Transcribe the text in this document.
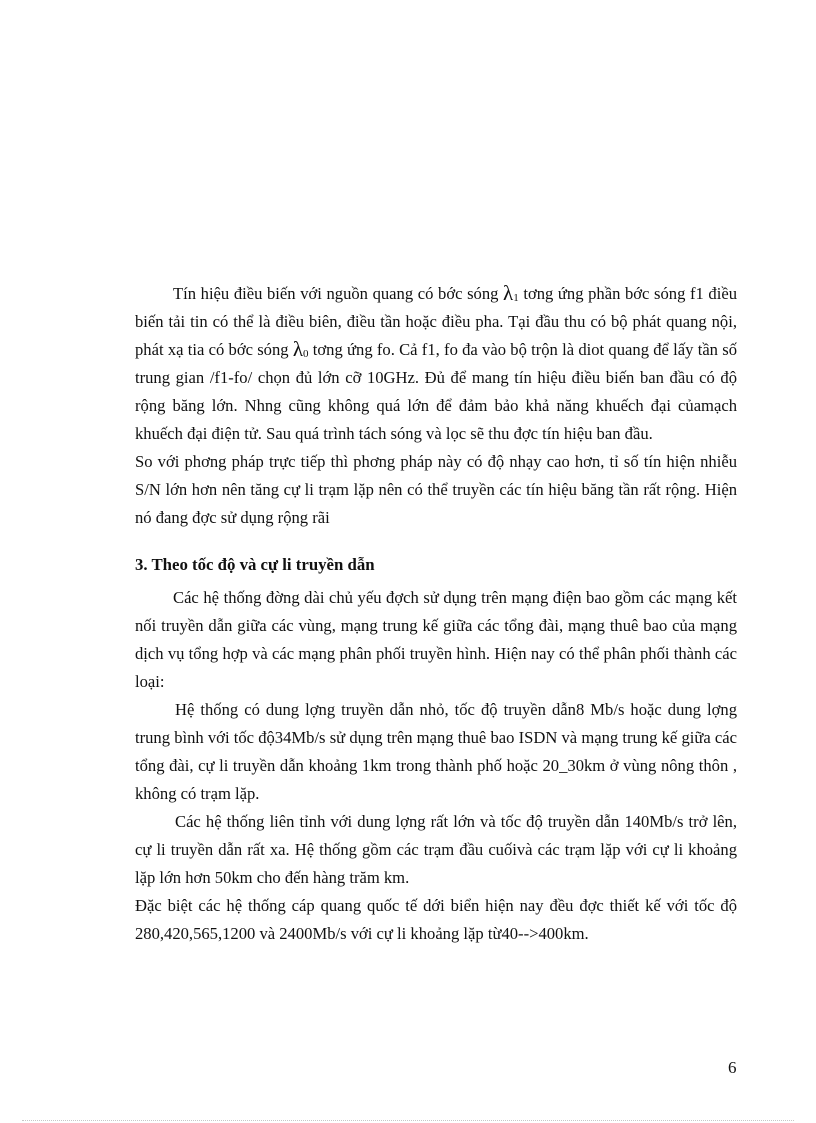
Tín hiệu điều biến với nguồn quang có bớc sóng $\lambda_1$ tơng ứng phần bớc sóng f1 điều biến tải tin có thể là điều biên, điều tần hoặc điều pha. Tại đầu thu có bộ phát quang nội, phát xạ tia có bớc sóng $\lambda_0$ tơng ứng fo. Cả f1, fo đa vào bộ trộn là diot quang để lấy tần số trung gian /f1-fo/ chọn đủ lớn cỡ 10GHz. Đủ để mang tín hiệu điều biến ban đầu có độ rộng băng lớn. Nhng cũng không quá lớn để đảm bảo khả năng khuếch đại củamạch khuếch đại điện tử. Sau quá trình tách sóng và lọc sẽ thu đợc tín hiệu ban đầu.

So với phơng pháp trực tiếp thì phơng pháp này có độ nhạy cao hơn, tỉ số tín hiện nhiễu S/N lớn hơn nên tăng cự li trạm lặp nên có thể truyền các tín hiệu băng tần rất rộng. Hiện nó đang đợc sử dụng rộng rãi

3. Theo tốc độ và cự li truyền dẫn

Các hệ thống đờng dài chủ yếu đợch sử dụng trên mạng điện bao gồm các mạng kết nối truyền dẫn giữa các vùng, mạng trung kế giữa các tổng đài, mạng thuê bao của mạng dịch vụ tổng hợp và các mạng phân phối truyền hình. Hiện nay có thể phân phối thành các loại:

Hệ thống có dung lợng truyền dẫn nhỏ, tốc độ truyền dẫn8 Mb/s hoặc dung lợng trung bình với tốc độ34Mb/s sử dụng trên mạng thuê bao ISDN và mạng trung kế giữa các tổng đài, cự li truyền dẫn khoảng 1km trong thành phố hoặc 20_30km ở vùng nông thôn , không có trạm lặp.

Các hệ thống liên tỉnh với dung lợng rất lớn và tốc độ truyền dẫn 140Mb/s trở lên, cự li truyền dẫn rất xa. Hệ thống gồm các trạm đầu cuốivà các trạm lặp với cự li khoảng lặp lớn hơn 50km cho đến hàng trăm km.

Đặc biệt các hệ thống cáp quang quốc tế dới biển hiện nay đều đợc thiết kế với tốc độ 280,420,565,1200 và 2400Mb/s với cự li khoảng lặp từ40-->400km.

6
